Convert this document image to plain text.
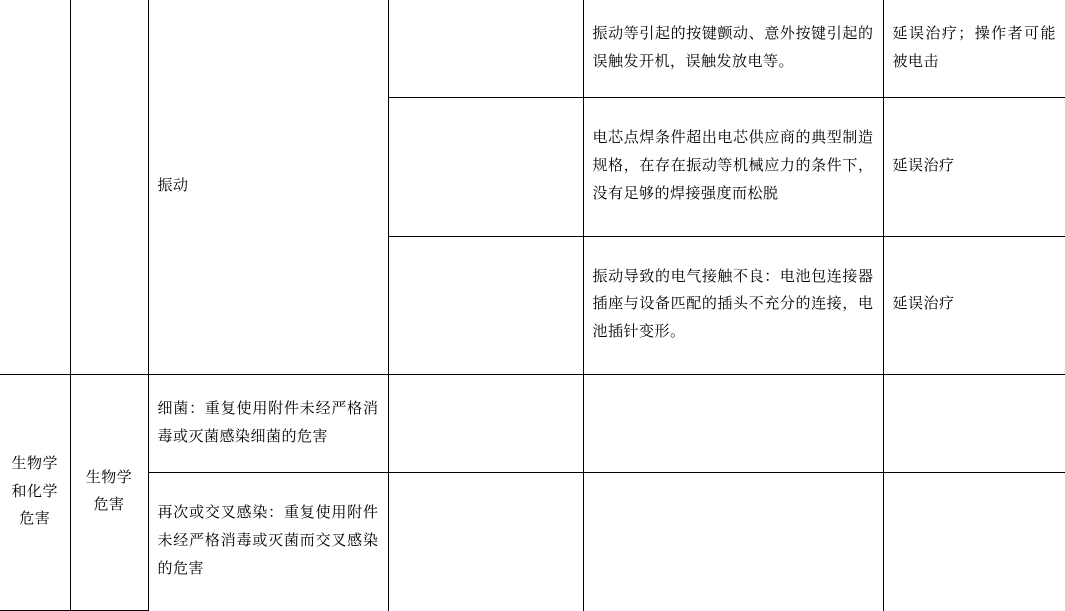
		振动		振动等引起的按键颤动、意外按键引起的误触发开机，误触发放电等。	延误治疗；操作者可能被电击
				电芯点焊条件超出电芯供应商的典型制造规格，在存在振动等机械应力的条件下，没有足够的焊接强度而松脱	延误治疗
				振动导致的电气接触不良：电池包连接器插座与设备匹配的插头不充分的连接，电池插针变形。	延误治疗
生物学和化学危害	生物学危害	细菌：重复使用附件未经严格消毒或灭菌感染细菌的危害			
		再次或交叉感染：重复使用附件未经严格消毒或灭菌而交叉感染的危害			
